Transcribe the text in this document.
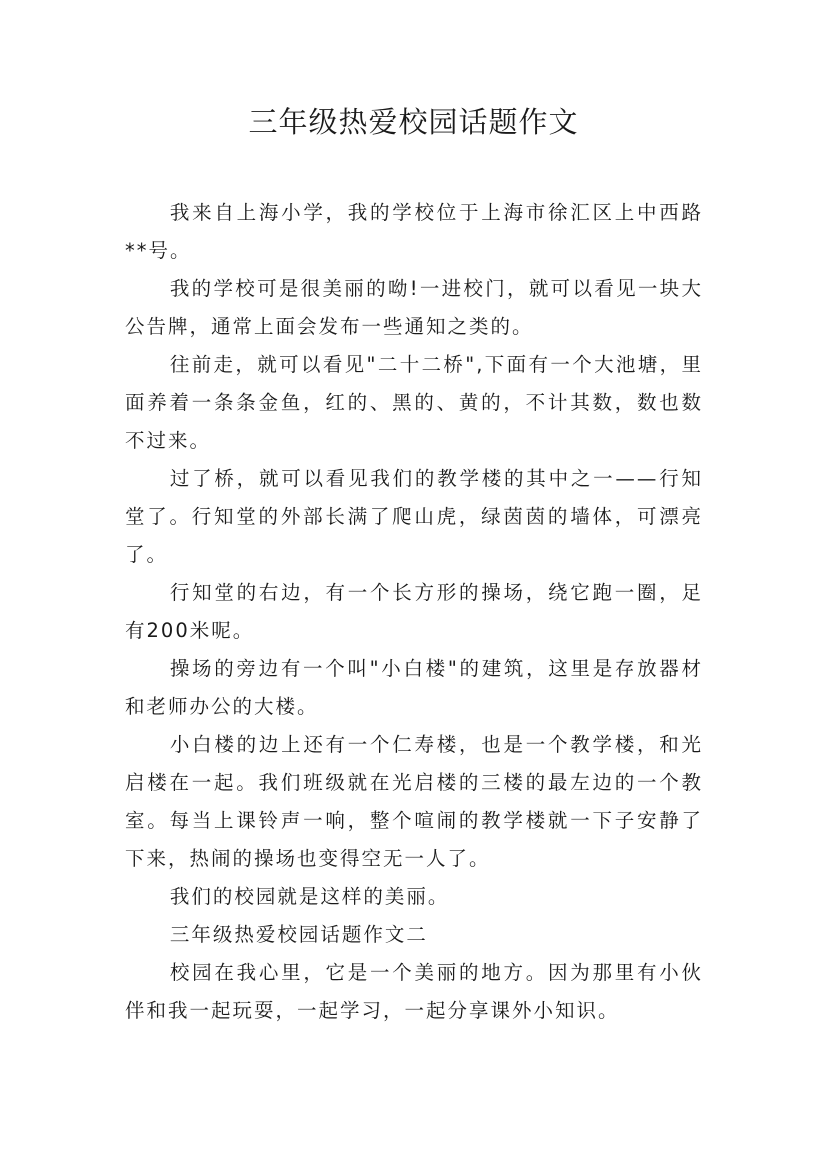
三年级热爱校园话题作文

我来自上海小学，我的学校位于上海市徐汇区上中西路**号。

我的学校可是很美丽的呦!一进校门，就可以看见一块大公告牌，通常上面会发布一些通知之类的。

往前走，就可以看见"二十二桥",下面有一个大池塘，里面养着一条条金鱼，红的、黑的、黄的，不计其数，数也数不过来。

过了桥，就可以看见我们的教学楼的其中之一——行知堂了。行知堂的外部长满了爬山虎，绿茵茵的墙体，可漂亮了。

行知堂的右边，有一个长方形的操场，绕它跑一圈，足有200米呢。

操场的旁边有一个叫"小白楼"的建筑，这里是存放器材和老师办公的大楼。

小白楼的边上还有一个仁寿楼，也是一个教学楼，和光启楼在一起。我们班级就在光启楼的三楼的最左边的一个教室。每当上课铃声一响，整个喧闹的教学楼就一下子安静了下来，热闹的操场也变得空无一人了。

我们的校园就是这样的美丽。

三年级热爱校园话题作文二

校园在我心里，它是一个美丽的地方。因为那里有小伙伴和我一起玩耍，一起学习，一起分享课外小知识。
